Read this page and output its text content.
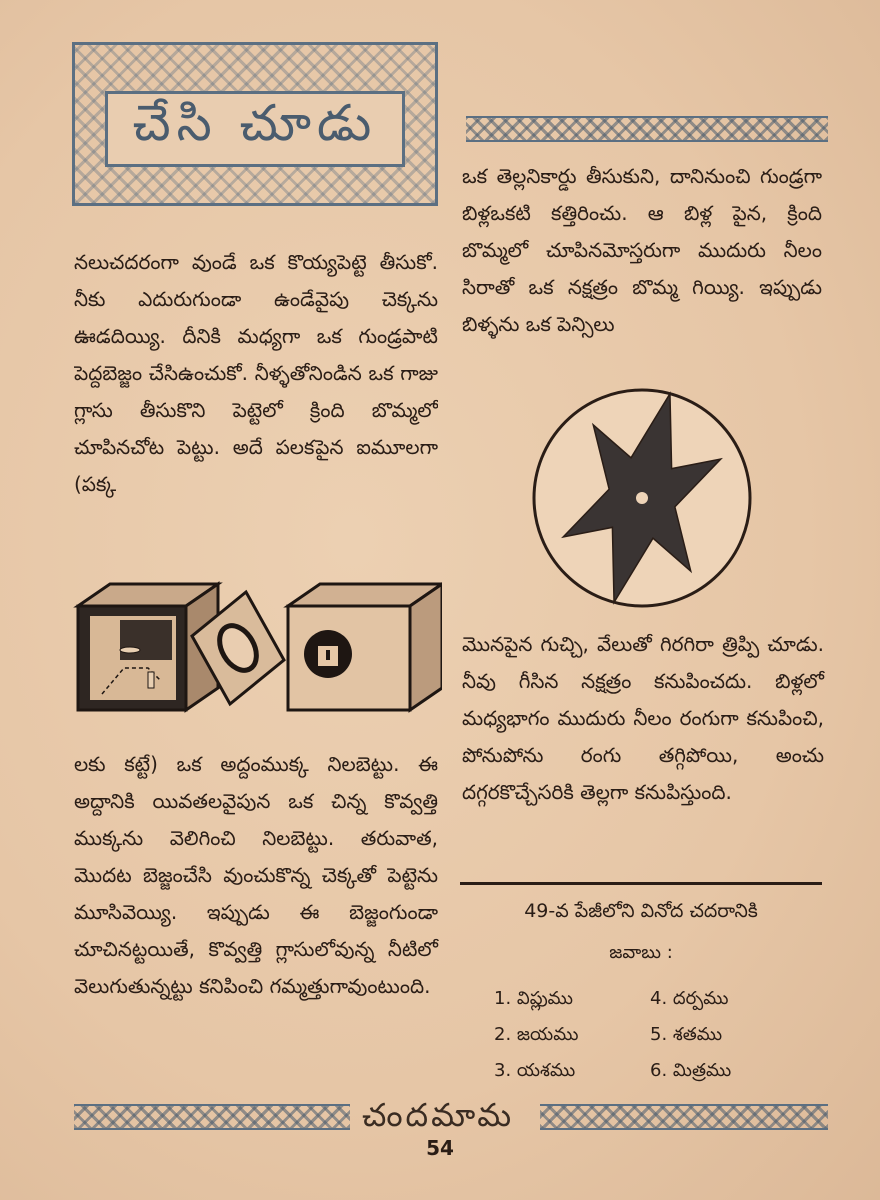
చేసి చూడు

ఒక తెల్లనికార్డు తీసుకుని, దానినుంచి గుండ్రగా బిళ్లఒకటి కత్తిరించు. ఆ బిళ్ల పైన, క్రింది బొమ్మలో చూపినమోస్తరుగా ముదురు నీలం సిరాతో ఒక నక్షత్రం బొమ్మ గియ్యి. ఇప్పుడు బిళ్ళను ఒక పెన్సిలు

నలుచదరంగా వుండే ఒక కొయ్యపెట్టె తీసుకో. నీకు ఎదురుగుండా ఉండేవైపు చెక్కను ఊడదియ్యి. దీనికి మధ్యగా ఒక గుండ్రపాటి పెద్దబెజ్జం చేసిఉంచుకో. నీళ్ళతోనిండిన ఒక గాజు గ్లాసు తీసుకొని పెట్టెలో క్రింది బొమ్మలో చూపినచోట పెట్టు. అదే పలకపైన ఐమూలగా (పక్క

మొనపైన గుచ్చి, వేలుతో గిరగిరా త్రిప్పి చూడు. నీవు గీసిన నక్షత్రం కనుపించదు. బిళ్లలో మధ్యభాగం ముదురు నీలం రంగుగా కనుపించి, పోనుపోను రంగు తగ్గిపోయి, అంచు దగ్గరకొచ్చేసరికి తెల్లగా కనుపిస్తుంది.

లకు కట్టే) ఒక అద్దంముక్క నిలబెట్టు. ఈ అద్దానికి యివతలవైపున ఒక చిన్న కొవ్వత్తి ముక్కను వెలిగించి నిలబెట్టు. తరువాత, మొదట బెజ్జంచేసి వుంచుకొన్న చెక్కతో పెట్టెను మూసివెయ్యి. ఇప్పుడు ఈ బెజ్జంగుండా చూచినట్టయితే, కొవ్వత్తి గ్లాసులోవున్న నీటిలో వెలుగుతున్నట్టు కనిపించి గమ్మత్తుగావుంటుంది.

49-వ పేజీలోని వినోద చదరానికి
జవాబు :
1. విప్లుము
2. జయము
3. యశము
4. దర్పము
5. శతము
6. మిత్రము
చందమామ
54
